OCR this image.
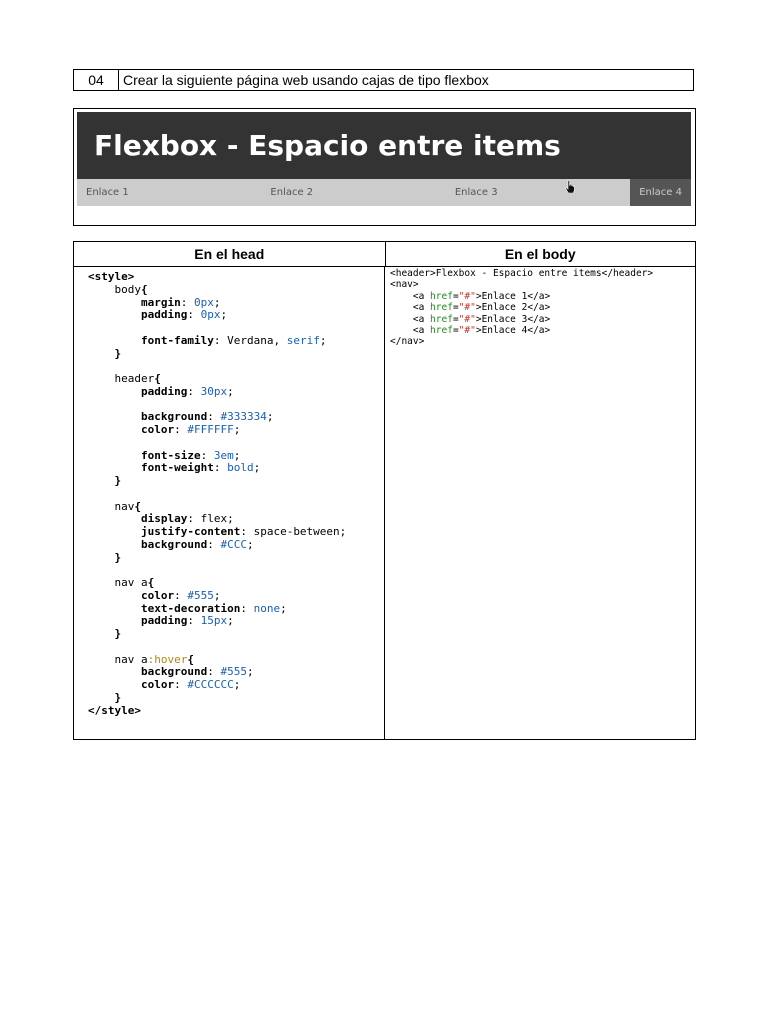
04	Crear la siguiente página web usando cajas de tipo flexbox
Flexbox - Espacio entre items
Enlace 1	Enlace 2	Enlace 3	Enlace 4
En el head	En el body
<style>
body{
margin: 0px;
padding: 0px;

font-family: Verdana, serif;
}

header{
padding: 30px;

background: #333334;
color: #FFFFFF;

font-size: 3em;
font-weight: bold;
}

nav{
display: flex;
justify-content: space-between;
background: #CCC;
}

nav a{
color: #555;
text-decoration: none;
padding: 15px;
}

nav a:hover{
background: #555;
color: #CCCCCC;
}
</style>

<header>Flexbox - Espacio entre items</header>
<nav>
<a href="#">Enlace 1</a>
<a href="#">Enlace 2</a>
<a href="#">Enlace 3</a>
<a href="#">Enlace 4</a>
</nav>
